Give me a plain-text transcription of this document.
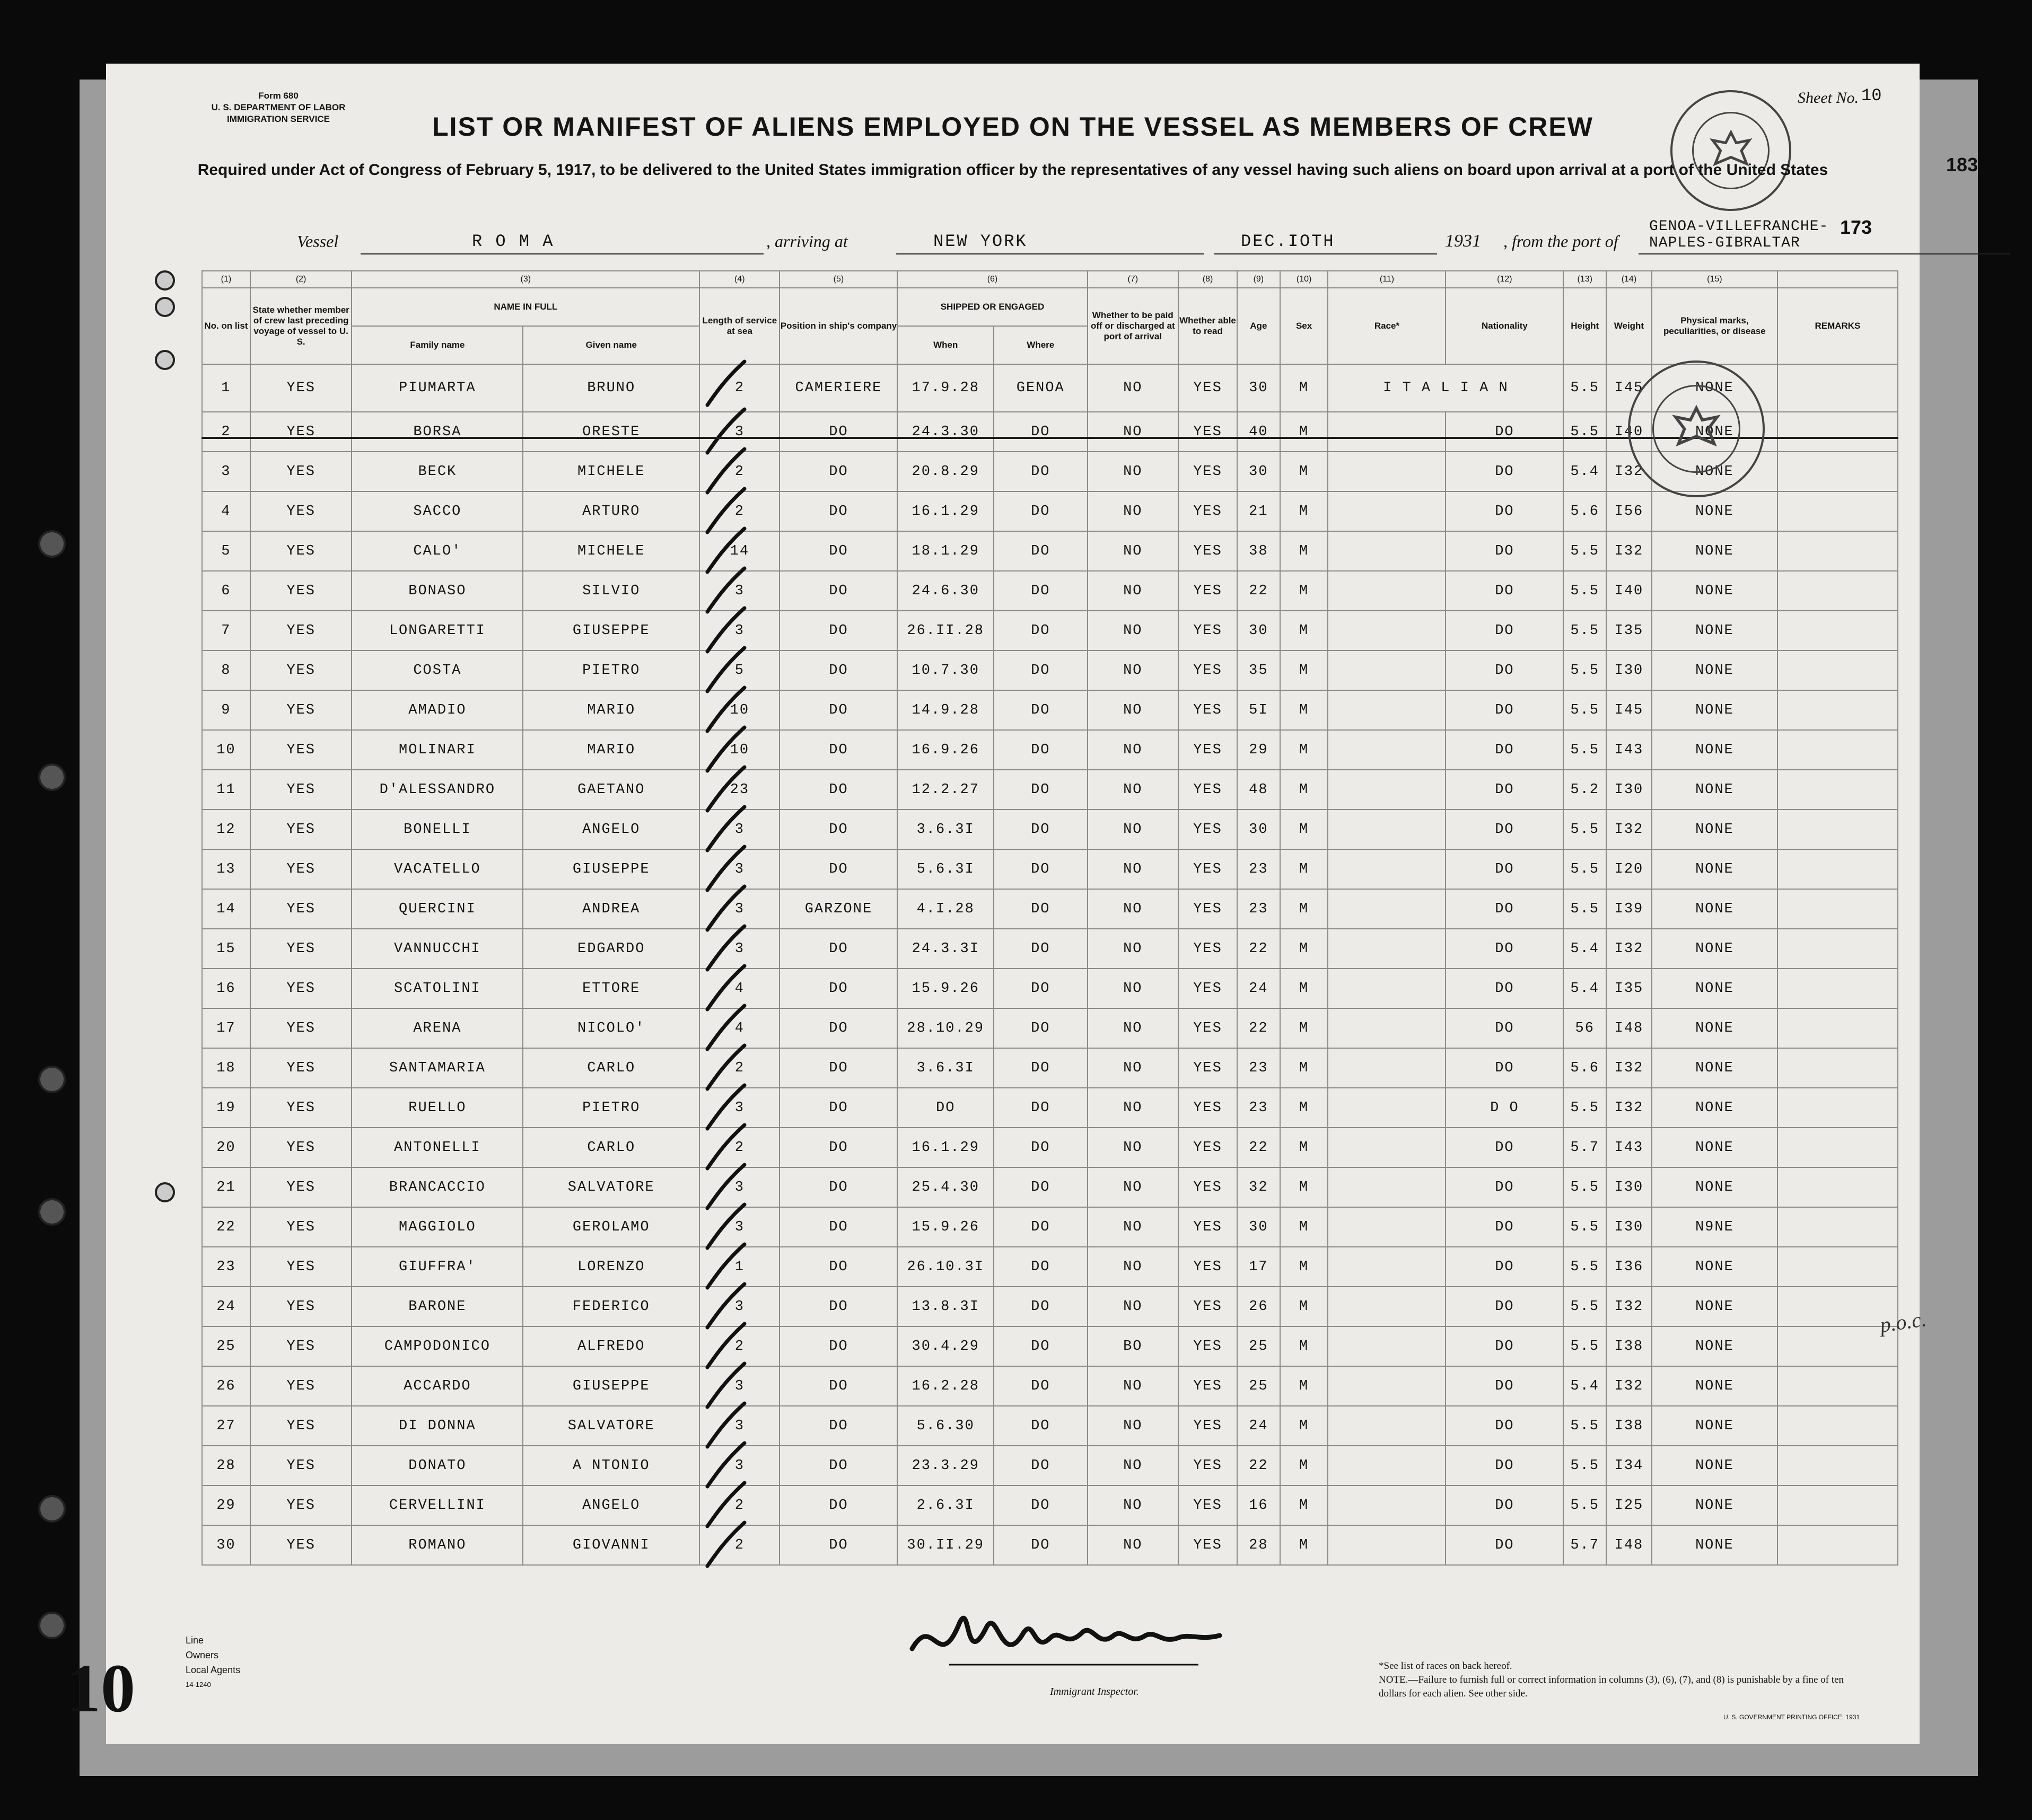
Form 680
U. S. DEPARTMENT OF LABOR
IMMIGRATION SERVICE
Sheet No. 10
LIST OR MANIFEST OF ALIENS EMPLOYED ON THE VESSEL AS MEMBERS OF CREW
Required under Act of Congress of February 5, 1917, to be delivered to the United States immigration officer by the representatives of any vessel having such aliens on board upon arrival at a port of the United States
Vessel	R O M A	, arriving at	NEW YORK	DEC.IOTH	1931 , from the port of
GENOA-VILLEFRANCHE-NAPLES-GIBRALTAR
(1)	(2)	(3)		(4)	(5)	(6)		(7)	(8)	(9)	(10)	(11)	(12)	(13)	(14)	(15)	
No. on list	State whether member of crew last preceding voyage of vessel to U. S.	NAME IN FULL		Length of service at sea	Position in ship's company	SHIPPED OR ENGAGED		Whether to be paid off or discharged at port of arrival	Whether able to read	Age	Sex	Race*	Nationality	Height	Weight	Physical marks, peculiarities, or disease	REMARKS
		Family name	Given name			When	Where										
1	YES	PIUMARTA	BRUNO	2	CAMERIERE	17.9.28	GENOA	NO	YES	30	M	I T A L I A N		5.5	I45	NONE	
2	YES	BORSA	ORESTE	3	DO	24.3.30	DO	NO	YES	40	M		DO	5.5	I40	NONE	
3	YES	BECK	MICHELE	2	DO	20.8.29	DO	NO	YES	30	M		DO	5.4	I32	NONE	
4	YES	SACCO	ARTURO	2	DO	16.1.29	DO	NO	YES	21	M		DO	5.6	I56	NONE	
5	YES	CALO'	MICHELE	14	DO	18.1.29	DO	NO	YES	38	M		DO	5.5	I32	NONE	
6	YES	BONASO	SILVIO	3	DO	24.6.30	DO	NO	YES	22	M		DO	5.5	I40	NONE	
7	YES	LONGARETTI	GIUSEPPE	3	DO	26.II.28	DO	NO	YES	30	M		DO	5.5	I35	NONE	
8	YES	COSTA	PIETRO	5	DO	10.7.30	DO	NO	YES	35	M		DO	5.5	I30	NONE	
9	YES	AMADIO	MARIO	10	DO	14.9.28	DO	NO	YES	5I	M		DO	5.5	I45	NONE	
10	YES	MOLINARI	MARIO	10	DO	16.9.26	DO	NO	YES	29	M		DO	5.5	I43	NONE	
11	YES	D'ALESSANDRO	GAETANO	23	DO	12.2.27	DO	NO	YES	48	M		DO	5.2	I30	NONE	
12	YES	BONELLI	ANGELO	3	DO	3.6.3I	DO	NO	YES	30	M		DO	5.5	I32	NONE	
13	YES	VACATELLO	GIUSEPPE	3	DO	5.6.3I	DO	NO	YES	23	M		DO	5.5	I20	NONE	
14	YES	QUERCINI	ANDREA	3	GARZONE	4.I.28	DO	NO	YES	23	M		DO	5.5	I39	NONE	
15	YES	VANNUCCHI	EDGARDO	3	DO	24.3.3I	DO	NO	YES	22	M		DO	5.4	I32	NONE	
16	YES	SCATOLINI	ETTORE	4	DO	15.9.26	DO	NO	YES	24	M		DO	5.4	I35	NONE	
17	YES	ARENA	NICOLO'	4	DO	28.10.29	DO	NO	YES	22	M		DO	56	I48	NONE	
18	YES	SANTAMARIA	CARLO	2	DO	3.6.3I	DO	NO	YES	23	M		DO	5.6	I32	NONE	
19	YES	RUELLO	PIETRO	3	DO	DO	DO	NO	YES	23	M		D O	5.5	I32	NONE	
20	YES	ANTONELLI	CARLO	2	DO	16.1.29	DO	NO	YES	22	M		DO	5.7	I43	NONE	
21	YES	BRANCACCIO	SALVATORE	3	DO	25.4.30	DO	NO	YES	32	M		DO	5.5	I30	NONE	
22	YES	MAGGIOLO	GEROLAMO	3	DO	15.9.26	DO	NO	YES	30	M		DO	5.5	I30	N9NE	
23	YES	GIUFFRA'	LORENZO	1	DO	26.10.3I	DO	NO	YES	17	M		DO	5.5	I36	NONE	
24	YES	BARONE	FEDERICO	3	DO	13.8.3I	DO	NO	YES	26	M		DO	5.5	I32	NONE	
25	YES	CAMPODONICO	ALFREDO	2	DO	30.4.29	DO	BO	YES	25	M		DO	5.5	I38	NONE	
26	YES	ACCARDO	GIUSEPPE	3	DO	16.2.28	DO	NO	YES	25	M		DO	5.4	I32	NONE	
27	YES	DI DONNA	SALVATORE	3	DO	5.6.30	DO	NO	YES	24	M		DO	5.5	I38	NONE	
28	YES	DONATO	A NTONIO	3	DO	23.3.29	DO	NO	YES	22	M		DO	5.5	I34	NONE	
29	YES	CERVELLINI	ANGELO	2	DO	2.6.3I	DO	NO	YES	16	M		DO	5.5	I25	NONE	
30	YES	ROMANO	GIOVANNI	2	DO	30.II.29	DO	NO	YES	28	M		DO	5.7	I48	NONE	
Line
Owners
Local Agents
14-1240
10	Immigrant Inspector.
*See list of races on back hereof.
NOTE.—Failure to furnish full or correct information in columns (3), (6), (7), and (8) is punishable by a fine of ten dollars for each alien. See other side.
U. S. GOVERNMENT PRINTING OFFICE: 1931
183
173
p.o.c.
